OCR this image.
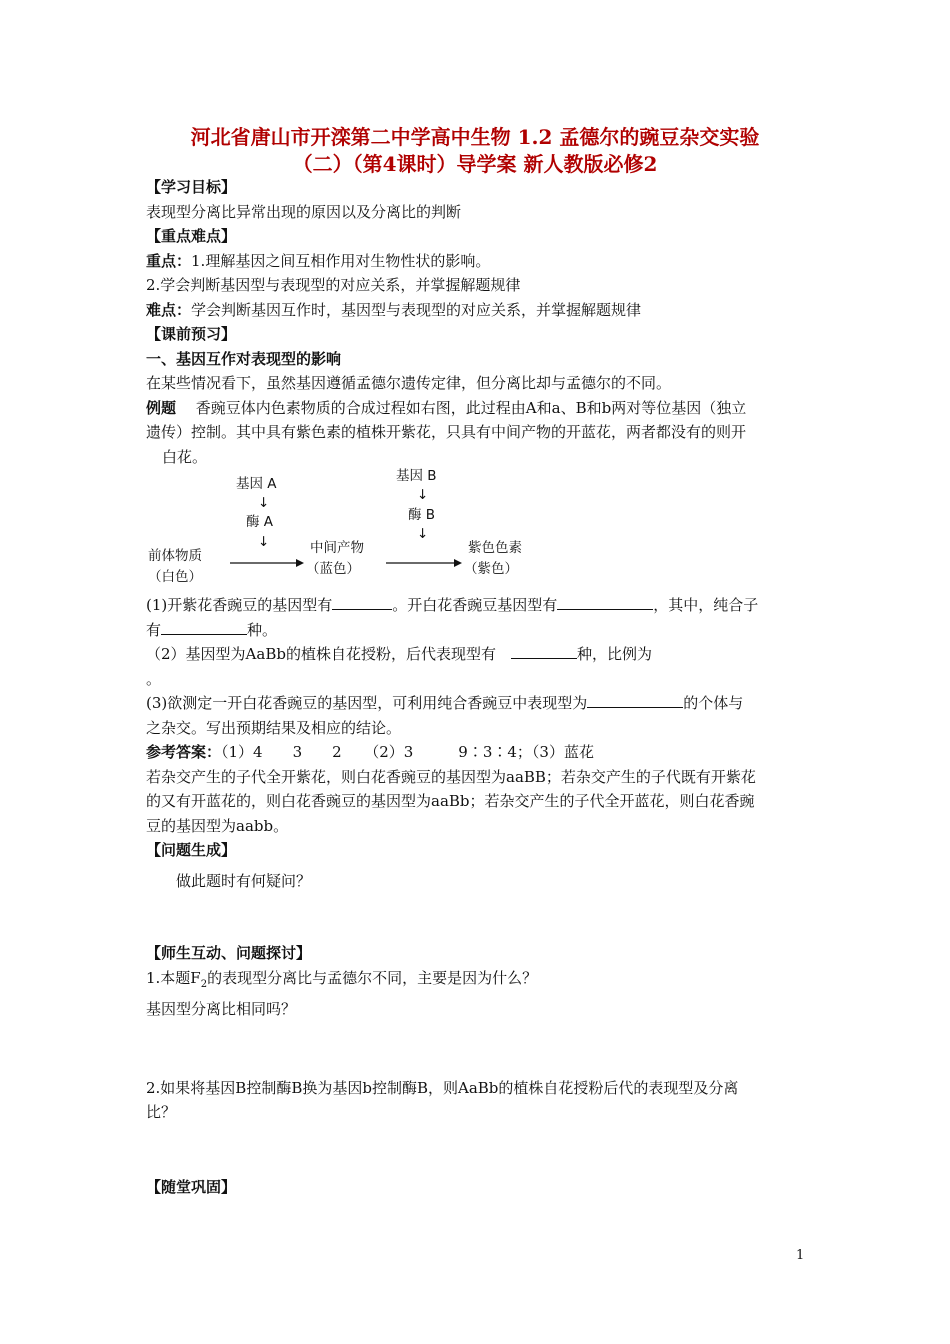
河北省唐山市开滦第二中学高中生物 1.2 孟德尔的豌豆杂交实验
（二）（第4课时）导学案 新人教版必修2

【学习目标】

表现型分离比异常出现的原因以及分离比的判断

【重点难点】

重点：1.理解基因之间互相作用对生物性状的影响。

2.学会判断基因型与表现型的对应关系，并掌握解题规律

难点：学会判断基因互作时，基因型与表现型的对应关系，并掌握解题规律

【课前预习】

一、基因互作对表现型的影响

在某些情况看下，虽然基因遵循孟德尔遗传定律，但分离比却与孟德尔的不同。

例题　 香豌豆体内色素物质的合成过程如右图，此过程由A和a、B和b两对等位基因（独立

遗传）控制。其中具有紫色素的植株开紫花，只具有中间产物的开蓝花，两者都没有的则开

白花。

基因 A
↓
酶 A
↓
基因 B
↓
酶 B
↓
前体物质
（白色）
中间产物
（蓝色）
紫色色素
（紫色）

(1)开紫花香豌豆的基因型有	。开白花香豌豆基因型有	，其中，纯合子

有	种。

（2）基因型为AaBb的植株自花授粉，后代表现型有　	种，比例为

。

(3)欲测定一开白花香豌豆的基因型，可利用纯合香豌豆中表现型为	的个体与

之杂交。写出预期结果及相应的结论。

参考答案：（1）4　　3　　2　　（2）3　　　9∶3∶4；（3）蓝花

若杂交产生的子代全开紫花，则白花香豌豆的基因型为aaBB；若杂交产生的子代既有开紫花

的又有开蓝花的，则白花香豌豆的基因型为aaBb；若杂交产生的子代全开蓝花，则白花香豌

豆的基因型为aabb。

【问题生成】

做此题时有何疑问？

【师生互动、问题探讨】

1.本题$F_2$的表现型分离比与孟德尔不同，主要是因为什么？

基因型分离比相同吗？

2.如果将基因B控制酶B换为基因b控制酶B，则AaBb的植株自花授粉后代的表现型及分离

比？

【随堂巩固】

1
